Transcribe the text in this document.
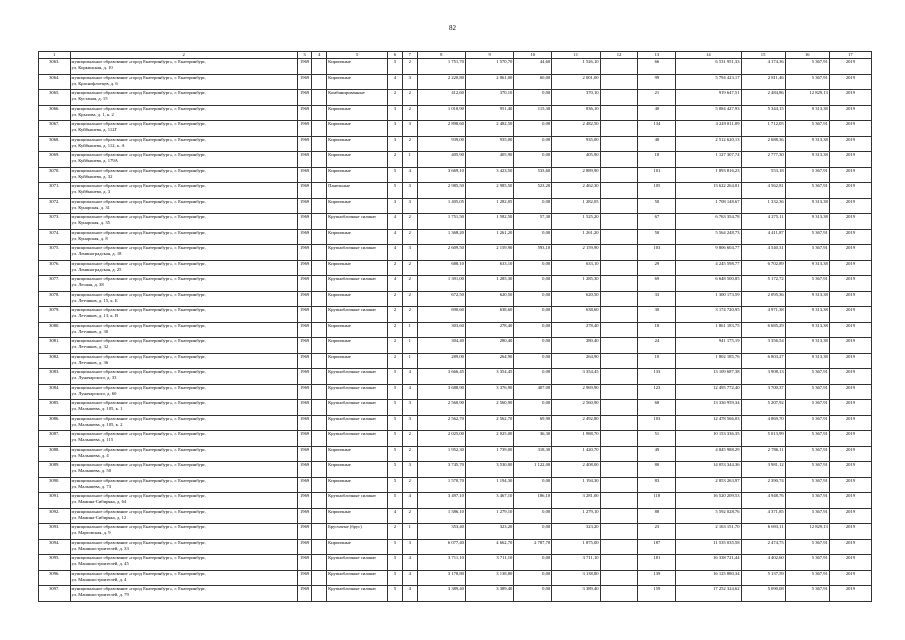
82
1	2	3	4	5	6	7	8	9	10	11	12	13	14	15	16	17
3063.	муниципальное образование «город Екатеринбург», г. Екатеринбург,
ул. Коркинская, д. 10	1969		Кирпичные	5	2	1 751,70	1 570,70	44,60	1 526,10		66	6 531 951,33	4 174,36	5 367,91	2019
3064.	муниципальное образование «город Екатеринбург», г. Екатеринбург,
ул. Краснофлотцев, д. 6	1969		Кирпичные	4	3	2 220,80	2 061,00	60,00	2 001,00		99	5 794 423,17	2 811,46	5 367,91	2019
3065.	муниципальное образование «город Екатеринбург», г. Екатеринбург,
ул. Кустаная, д. 15	1969		Комбинированные	2	2	412,60	370,10	0,00	370,10		21	919 647,51	2 484,86	12 829,13	2019
3066.	муниципальное образование «город Екатеринбург», г. Екатеринбург,
ул. Крылова, д. 1, к. 2	1969		Кирпичные	3	2	1 010,90	951,40	115,30	836,10		40	5 084 427,93	5 344,15	9 313,38	2019
3067.	муниципальное образование «город Екатеринбург», г. Екатеринбург,
ул. Куйбышева, д. 112Г	1969		Кирпичные	3	3	2 898,60	2 482,50	0,00	2 482,50		134	4 249 811,09	1 712,05	5 367,91	2019
3068.	муниципальное образование «город Екатеринбург», г. Екатеринбург,
ул. Куйбышева, д. 112, к. А	1969		Кирпичные	3	2	939,00	935,00	0,00	935,00		48	2 512 620,13	2 688,36	9 313,38	2019
3069.	муниципальное образование «город Екатеринбург», г. Екатеринбург,
ул. Куйбышева, д. 179А	1969		Кирпичные	2	1	405,90	405,90	0,00	405,90		18	1 127 307,74	2 777,30	9 313,38	2019
3070.	муниципальное образование «город Екатеринбург», г. Екатеринбург,
ул. Куйбышева, д. 32	1969		Кирпичные	5	4	3 669,10	3 423,50	533,60	2 889,90		101	1 893 816,23	553,18	5 367,91	2019
3071.	муниципальное образование «город Екатеринбург», г. Екатеринбург,
ул. Куйбышева, д. 3	1969		Панельные	5	3	2 985,50	2 985,50	523,20	2 462,30		105	13 622 264,01	4 562,81	5 367,91	2019
3072.	муниципальное образование «город Екатеринбург», г. Екатеринбург,
ул. Кунарская, д. 31	1969		Кирпичные	3	3	1 405,05	1 282,05	0,00	1 282,05		50	1 708 148,67	1 332,36	9 313,38	2019
3073.	муниципальное образование «город Екатеринбург», г. Екатеринбург,
ул. Кунарская, д. 35	1969		Крупноблочные силикат	4	2	1 751,50	1 582,50	57,30	1 525,20		67	6 763 354,78	4 275,11	9 313,38	2019
3074.	муниципальное образование «город Екатеринбург», г. Екатеринбург,
ул. Кунарская, д. 8	1969		Кирпичные	4	2	1 368,20	1 261,20	0,00	1 261,20		50	5 564 248,73	4 411,87	5 367,91	2019
3075.	муниципальное образование «город Екатеринбург», г. Екатеринбург,
ул. Лениноградская, д. 18	1969		Крупноблочные силикат	4	3	2 609,50	2 159,90	593,10	2 159,90		103	9 806 604,77	4 540,31	5 367,91	2019
3076.	муниципальное образование «город Екатеринбург», г. Екатеринбург,
ул. Лениноградская, д. 25	1969		Кирпичные	2	2	688,10	633,10	0,00	633,10		29	4 245 598,77	6 702,89	9 313,38	2019
3077.	муниципальное образование «город Екатеринбург», г. Екатеринбург,
ул. Лесная, д. 38	1969		Крупноблочные силикат	4	2	1 391,00	1 285,30	0,00	1 285,30		69	6 648 500,85	5 172,72	5 367,91	2019
3078.	муниципальное образование «город Екатеринбург», г. Екатеринбург,
ул. Летчиков, д. 15, к. Б	1969		Кирпичные	2	2	672,50	620,50	0,00	620,50		33	1 300 173,59	2 095,36	9 313,38	2019
3079.	муниципальное образование «город Екатеринбург», г. Екатеринбург,
ул. Летчиков, д. 13, к. В	1969		Крупноблочные силикат	2	2	690,60	638,60	0,00	638,60		30	3 174 720,95	4 971,38	9 313,38	2019
3080.	муниципальное образование «город Екатеринбург», г. Екатеринбург,
ул. Летчиков, д. 30	1969		Кирпичные	2	1	303,60	278,40	0,00	278,40		18	1 861 183,75	6 685,29	9 313,38	2019
3081.	муниципальное образование «город Екатеринбург», г. Екатеринбург,
ул. Летчиков, д. 32	1969		Кирпичные	2	1	304,40	280,40	0,00	280,40		24	941 175,19	3 356,54	9 313,38	2019
3082.	муниципальное образование «город Екатеринбург», г. Екатеринбург,
ул. Летчиков, д. 36	1969		Кирпичные	2	1	289,00	264,90	0,00	264,90		10	1 802 185,76	6 803,27	9 313,38	2019
3083.	муниципальное образование «город Екатеринбург», г. Екатеринбург,
ул. Луначарского, д. 33	1969		Крупноблочные силикат	5	4	3 666,45	3 354,45	0,00	3 354,45		133	13 109 687,38	3 908,13	5 367,91	2019
3084.	муниципальное образование «город Екатеринбург», г. Екатеринбург,
ул. Луначарского, д. 60	1969		Крупноблочные силикат	5	4	3 688,90	3 376,90	407,00	2 969,90		123	12 495 772,40	3 700,37	5 367,91	2019
3085.	муниципальное образование «город Екатеринбург», г. Екатеринбург,
ул. Малышева, д. 105, к. 1	1969		Крупноблочные силикат	5	3	2 560,90	2 560,90	0,00	2 560,90		68	13 336 959,34	5 207,92	5 367,91	2019
3086.	муниципальное образование «город Екатеринбург», г. Екатеринбург,
ул. Малышева, д. 105, к. 2	1969		Крупноблочные силикат	5	3	2 562,70	2 562,70	69,90	2 492,80		103	12 478 566,03	4 869,70	5 367,91	2019
3087.	муниципальное образование «город Екатеринбург», г. Екатеринбург,
ул. Малышева, д. 115	1969		Крупноблочные силикат	5	2	2 025,00	2 025,00	36,30	1 988,70		51	10 153 336,35	5 013,99	5 367,91	2019
3088.	муниципальное образование «город Екатеринбург», г. Екатеринбург,
ул. Малышева, д. 4	1969		Кирпичные	5	2	1 952,30	1 739,00	318,30	1 420,70		49	4 845 988,29	2 786,11	5 367,91	2019
3089.	муниципальное образование «город Екатеринбург», г. Екатеринбург,
ул. Малышева, д. 50	1969		Кирпичные	5	3	3 745,70	3 530,00	1 122,00	2 408,00		80	14 053 344,36	3 981,12	5 367,91	2019
3090.	муниципальное образование «город Екатеринбург», г. Екатеринбург,
ул. Малышева, д. 73	1969		Кирпичные	5	2	1 570,70	1 194,30	0,00	1 194,30		83	2 853 263,97	2 390,74	5 367,91	2019
3091.	муниципальное образование «город Екатеринбург», г. Екатеринбург,
ул. Мамина-Сибиряка, д. 64	1969		Крупноблочные силикат	5	4	3 497,10	3 467,10	186,10	3 281,00		118	16 520 209,53	4 948,76	5 367,91	2019
3092.	муниципальное образование «город Екатеринбург», г. Екатеринбург,
ул. Мамина-Сибиряка, д. 12	1969		Кирпичные	4	2	1 386,10	1 279,10	0,00	1 279,10		88	5 592 028,76	4 371,85	5 367,91	2019
3093.	муниципальное образование «город Екатеринбург», г. Екатеринбург,
ул. Мартовская, д. 9	1969		Брусчатые (брус)	2	1	353,40	323,20	0,00	323,20		23	2 163 151,70	6 693,11	12 829,13	2019
3094.	муниципальное образование «город Екатеринбург», г. Екатеринбург,
ул. Машиностроителей, д. 33	1969		Кирпичные	5	3	6 077,40	4 662,70	2 787,70	1 875,00		187	11 535 035,58	2 474,75	5 367,91	2019
3095.	муниципальное образование «город Екатеринбург», г. Екатеринбург,
ул. Машиностроителей, д. 45	1969		Крупноблочные силикат	5	4	3 711,10	3 711,10	0,00	3 711,10		181	16 338 721,44	4 402,60	5 367,91	2019
3096.	муниципальное образование «город Екатеринбург», г. Екатеринбург,
ул. Машиностроителей, д. 4	1969		Крупноблочные силикат	5	4	3 178,80	3 138,80	0,00	3 138,80		139	16 125 880,34	5 137,59	5 367,91	2019
3097.	муниципальное образование «город Екатеринбург», г. Екатеринбург,
ул. Машиностроителей, д. 79	1969		Крупноблочные силикат	5	4	3 389,40	3 389,40	0,00	3 389,40		159	17 252 324,62	5 090,08	5 367,91	2019
